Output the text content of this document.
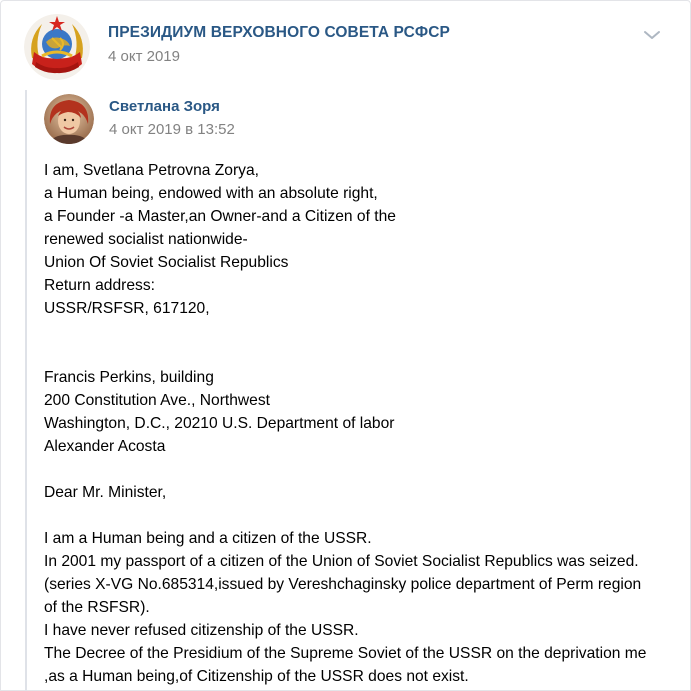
ПРЕЗИДИУМ ВЕРХОВНОГО СОВЕТА РСФСР
4 окт 2019
Светлана Зоря
4 окт 2019 в 13:52
I am, Svetlana Petrovna Zorya,
a Human being, endowed with an absolute right,
a Founder -a Master,an Owner-and a Citizen of the
renewed socialist nationwide-
Union Of Soviet Socialist Republics
Return address:
USSR/RSFSR, 617120,
Francis Perkins, building
200 Constitution Ave., Northwest
Washington, D.C., 20210 U.S. Department of labor
Alexander Acosta
Dear Mr. Minister,
I am a Human being and a citizen of the USSR.
In 2001 my passport of a citizen of the Union of Soviet Socialist Republics was seized.
(series X-VG No.685314,issued by Vereshchaginsky police department of Perm region
of the RSFSR).
I have never refused citizenship of the USSR.
The Decree of the Presidium of the Supreme Soviet of the USSR on the deprivation me
,as a Human being,of Citizenship of the USSR does not exist.
